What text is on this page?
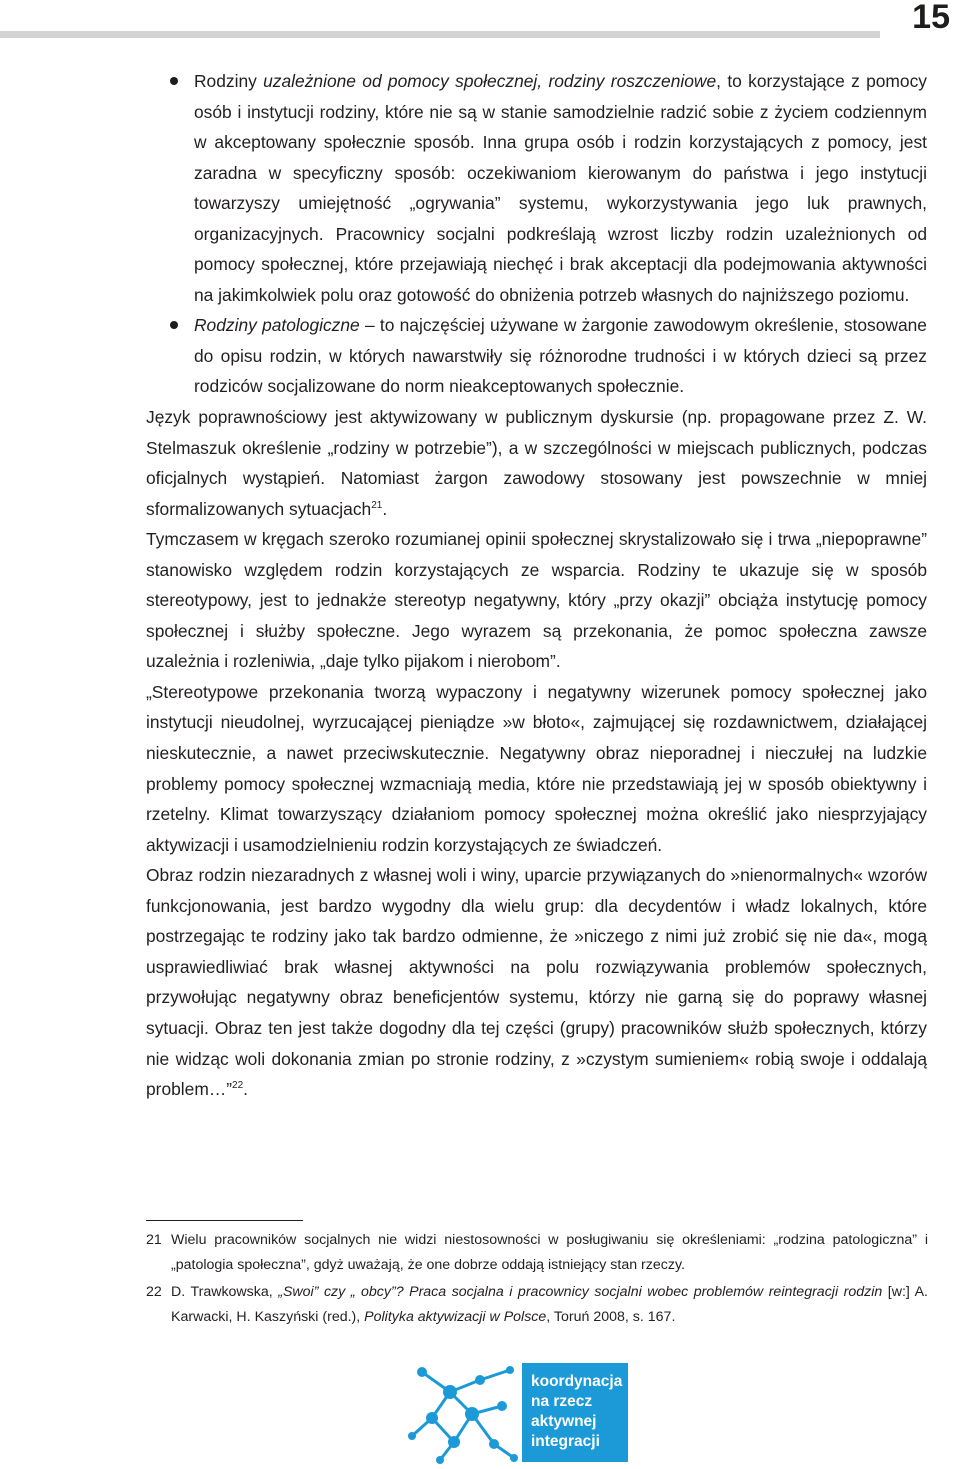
15
Rodziny uzależnione od pomocy społecznej, rodziny roszczeniowe, to korzystające z pomocy osób i instytucji rodziny, które nie są w stanie samodzielnie radzić sobie z życiem codziennym w akceptowany społecznie sposób. Inna grupa osób i rodzin korzystających z pomocy, jest zaradna w specyficzny sposób: oczekiwaniom kierowanym do państwa i jego instytucji towarzyszy umiejętność „ogrywania” systemu, wykorzystywania jego luk prawnych, organizacyjnych. Pracownicy socjalni podkreślają wzrost liczby rodzin uzależnionych od pomocy społecznej, które przejawiają niechęć i brak akceptacji dla podejmowania aktywności na jakimkolwiek polu oraz gotowość do obniżenia potrzeb własnych do najniższego poziomu.
Rodziny patologiczne – to najczęściej używane w żargonie zawodowym określenie, stosowane do opisu rodzin, w których nawarstwiły się różnorodne trudności i w których dzieci są przez rodziców socjalizowane do norm nieakceptowanych społecznie.

Język poprawnościowy jest aktywizowany w publicznym dyskursie (np. propagowane przez Z. W. Stelmaszuk określenie „rodziny w potrzebie”), a w szczególności w miejscach publicznych, podczas oficjalnych wystąpień. Natomiast żargon zawodowy stosowany jest powszechnie w mniej sformalizowanych sytuacjach$^{21}$.

Tymczasem w kręgach szeroko rozumianej opinii społecznej skrystalizowało się i trwa „niepoprawne” stanowisko względem rodzin korzystających ze wsparcia. Rodziny te ukazuje się w sposób stereotypowy, jest to jednakże stereotyp negatywny, który „przy okazji” obciąża instytucję pomocy społecznej i służby społeczne. Jego wyrazem są przekonania, że pomoc społeczna zawsze uzależnia i rozleniwia, „daje tylko pijakom i nierobom”.

„Stereotypowe przekonania tworzą wypaczony i negatywny wizerunek pomocy społecznej jako instytucji nieudolnej, wyrzucającej pieniądze »w błoto«, zajmującej się rozdawnictwem, działającej nieskutecznie, a nawet przeciwskutecznie. Negatywny obraz nieporadnej i nieczułej na ludzkie problemy pomocy społecznej wzmacniają media, które nie przedstawiają jej w sposób obiektywny i rzetelny. Klimat towarzyszący działaniom pomocy społecznej można określić jako niesprzyjający aktywizacji i usamodzielnieniu rodzin korzystających ze świadczeń.

Obraz rodzin niezaradnych z własnej woli i winy, uparcie przywiązanych do »nienormalnych« wzorów funkcjonowania, jest bardzo wygodny dla wielu grup: dla decydentów i władz lokalnych, które postrzegając te rodziny jako tak bardzo odmienne, że »niczego z nimi już zrobić się nie da«, mogą usprawiedliwiać brak własnej aktywności na polu rozwiązywania problemów społecznych, przywołując negatywny obraz beneficjentów systemu, którzy nie garną się do poprawy własnej sytuacji. Obraz ten jest także dogodny dla tej części (grupy) pracowników służb społecznych, którzy nie widząc woli dokonania zmian po stronie rodziny, z »czystym sumieniem« robią swoje i oddalają problem…”$^{22}$.

21 Wielu pracowników socjalnych nie widzi niestosowności w posługiwaniu się określeniami: „rodzina patologiczna” i „patologia społeczna”, gdyż uważają, że one dobrze oddają istniejący stan rzeczy.

22 D. Trawkowska, „Swoi” czy „ obcy”? Praca socjalna i pracownicy socjalni wobec problemów reintegracji rodzin [w:] A. Karwacki, H. Kaszyński (red.), Polityka aktywizacji w Polsce, Toruń 2008, s. 167.

koordynacja
na rzecz
aktywnej
integracji
